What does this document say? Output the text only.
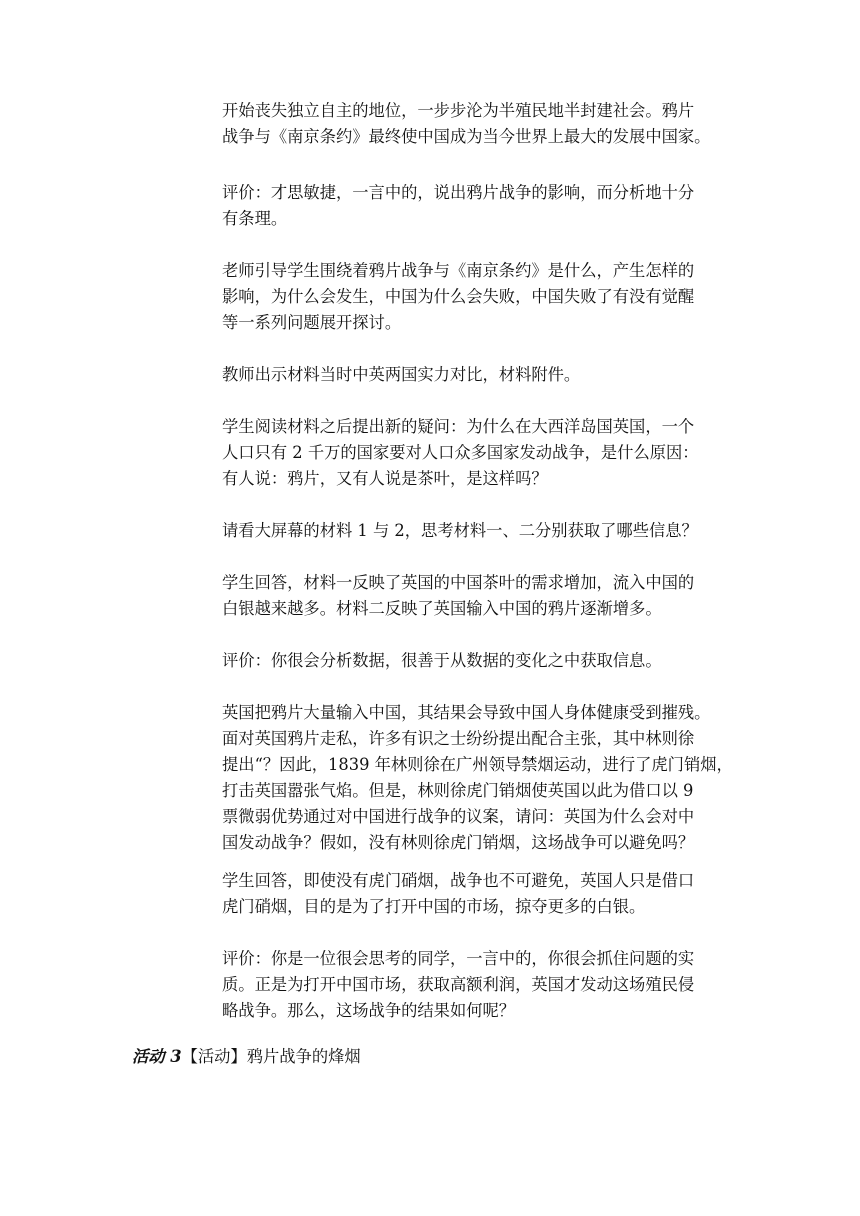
开始丧失独立自主的地位，一步步沦为半殖民地半封建社会。鸦片
战争与《南京条约》最终使中国成为当今世界上最大的发展中国家。
评价：才思敏捷，一言中的，说出鸦片战争的影响，而分析地十分
有条理。
老师引导学生围绕着鸦片战争与《南京条约》是什么，产生怎样的
影响，为什么会发生，中国为什么会失败，中国失败了有没有觉醒
等一系列问题展开探讨。
教师出示材料当时中英两国实力对比，材料附件。
学生阅读材料之后提出新的疑问：为什么在大西洋岛国英国，一个
人口只有 2 千万的国家要对人口众多国家发动战争，是什么原因：
有人说：鸦片，又有人说是茶叶，是这样吗？
请看大屏幕的材料 1 与 2，思考材料一、二分别获取了哪些信息？
学生回答，材料一反映了英国的中国茶叶的需求增加，流入中国的
白银越来越多。材料二反映了英国输入中国的鸦片逐渐增多。
评价：你很会分析数据，很善于从数据的变化之中获取信息。
英国把鸦片大量输入中国，其结果会导致中国人身体健康受到摧残。
面对英国鸦片走私，许多有识之士纷纷提出配合主张，其中林则徐
提出“？因此，1839 年林则徐在广州领导禁烟运动，进行了虎门销烟，
打击英国嚣张气焰。但是，林则徐虎门销烟使英国以此为借口以 9
票微弱优势通过对中国进行战争的议案，请问：英国为什么会对中
国发动战争？假如，没有林则徐虎门销烟，这场战争可以避免吗？
学生回答，即使没有虎门硝烟，战争也不可避免，英国人只是借口
虎门硝烟，目的是为了打开中国的市场，掠夺更多的白银。
评价：你是一位很会思考的同学，一言中的，你很会抓住问题的实
质。正是为打开中国市场，获取高额利润，英国才发动这场殖民侵
略战争。那么，这场战争的结果如何呢？
活动 3【活动】鸦片战争的烽烟
